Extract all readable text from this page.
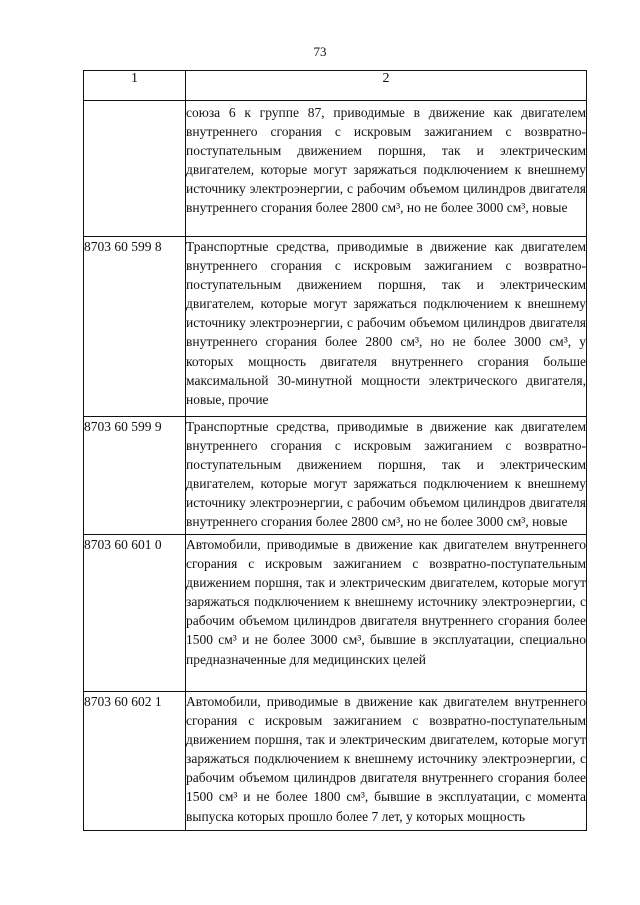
73
1	2
	союза 6 к группе 87, приводимые в движение как двигателем внутреннего сгорания с искровым зажиганием с возвратно-поступательным движением поршня, так и электрическим двигателем, которые могут заряжаться подключением к внешнему источнику электроэнергии, с рабочим объемом цилиндров двигателя внутреннего сгорания более 2800 см³, но не более 3000 см³, новые
8703 60 599 8	Транспортные средства, приводимые в движение как двигателем внутреннего сгорания с искровым зажиганием с возвратно-поступательным движением поршня, так и электрическим двигателем, которые могут заряжаться подключением к внешнему источнику электроэнергии, с рабочим объемом цилиндров двигателя внутреннего сгорания более 2800 см³, но не более 3000 см³, у которых мощность двигателя внутреннего сгорания больше максимальной 30-минутной мощности электрического двигателя, новые, прочие
8703 60 599 9	Транспортные средства, приводимые в движение как двигателем внутреннего сгорания с искровым зажиганием с возвратно-поступательным движением поршня, так и электрическим двигателем, которые могут заряжаться подключением к внешнему источнику электроэнергии, с рабочим объемом цилиндров двигателя внутреннего сгорания более 2800 см³, но не более 3000 см³, новые
8703 60 601 0	Автомобили, приводимые в движение как двигателем внутреннего сгорания с искровым зажиганием с возвратно-поступательным движением поршня, так и электрическим двигателем, которые могут заряжаться подключением к внешнему источнику электроэнергии, с рабочим объемом цилиндров двигателя внутреннего сгорания более 1500 см³ и не более 3000 см³, бывшие в эксплуатации, специально предназначенные для медицинских целей
8703 60 602 1	Автомобили, приводимые в движение как двигателем внутреннего сгорания с искровым зажиганием с возвратно-поступательным движением поршня, так и электрическим двигателем, которые могут заряжаться подключением к внешнему источнику электроэнергии, с рабочим объемом цилиндров двигателя внутреннего сгорания более 1500 см³ и не более 1800 см³, бывшие в эксплуатации, с момента выпуска которых прошло более 7 лет, у которых мощность
